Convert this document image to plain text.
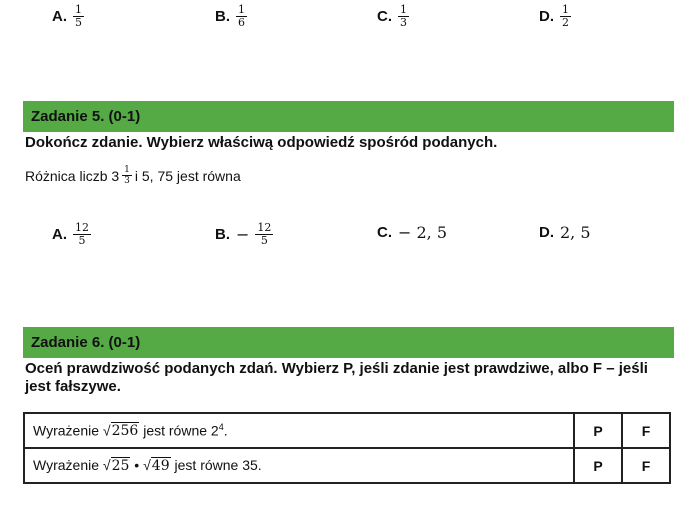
A. $\frac{1}{5}$	B. $\frac{1}{6}$	C. $\frac{1}{3}$	D. $\frac{1}{2}$
Zadanie 5. (0-1)
Dokończ zdanie. Wybierz właściwą odpowiedź spośród podanych.
Różnica liczb $3 \frac{1}{3}$ i 5, 75 jest równa
A. $\frac{12}{5}$	B. − $\frac{12}{5}$	C. − 2, 5	D. 2, 5
Zadanie 6. (0-1)
Oceń prawdziwość podanych zdań. Wybierz P, jeśli zdanie jest prawdziwe, albo F – jeśli jest fałszywe.
Wyrażenie √256 jest równe $2^4$.	P	F
Wyrażenie √25 • √49 jest równe 35.	P	F
